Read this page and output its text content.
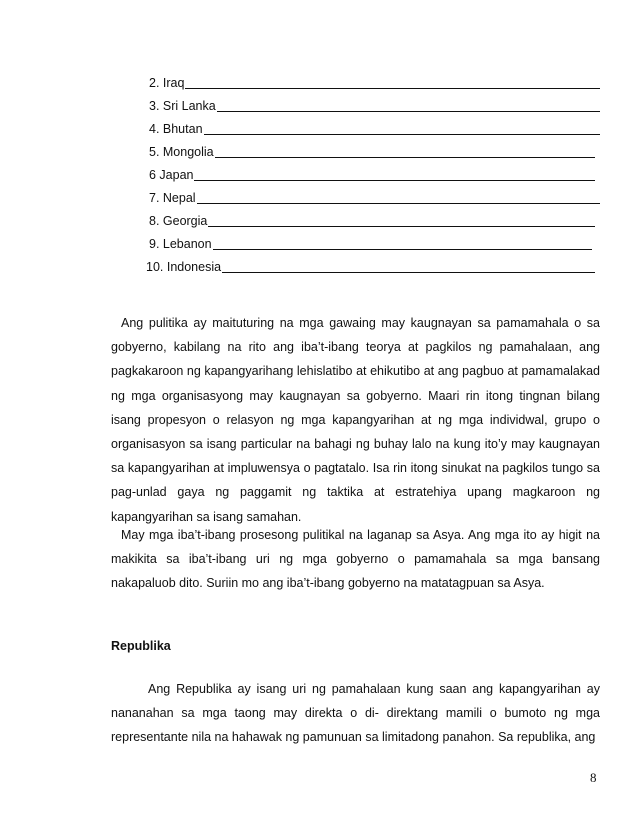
2. Iraq
3. Sri Lanka
4. Bhutan
5. Mongolia
6 Japan
7. Nepal
8. Georgia
9. Lebanon
10. Indonesia

Ang pulitika ay maituturing na mga gawaing may kaugnayan sa pamamahala o sa gobyerno, kabilang na rito ang iba’t-ibang teorya at pagkilos ng pamahalaan, ang pagkakaroon ng kapangyarihang lehislatibo at ehikutibo at ang pagbuo at pamamalakad ng mga organisasyong may kaugnayan sa gobyerno. Maari rin itong tingnan bilang isang propesyon o relasyon ng mga kapangyarihan at ng mga individwal, grupo o organisasyon sa isang particular na bahagi ng buhay lalo na kung ito’y may kaugnayan sa kapangyarihan at impluwensya o pagtatalo. Isa rin itong sinukat na pagkilos tungo sa pag-unlad gaya ng paggamit ng taktika at estratehiya upang magkaroon ng kapangyarihan sa isang samahan.

May mga iba’t-ibang prosesong pulitikal na laganap sa Asya. Ang mga ito ay higit na makikita sa iba’t-ibang uri ng mga gobyerno o pamamahala sa mga bansang nakapaluob dito. Suriin mo ang iba’t-ibang gobyerno na matatagpuan sa Asya.

Republika

Ang Republika ay isang uri ng pamahalaan kung saan ang kapangyarihan ay nananahan sa mga taong may direkta o di- direktang mamili o bumoto ng mga representante nila na hahawak ng pamunuan sa limitadong panahon. Sa republika, ang

8
